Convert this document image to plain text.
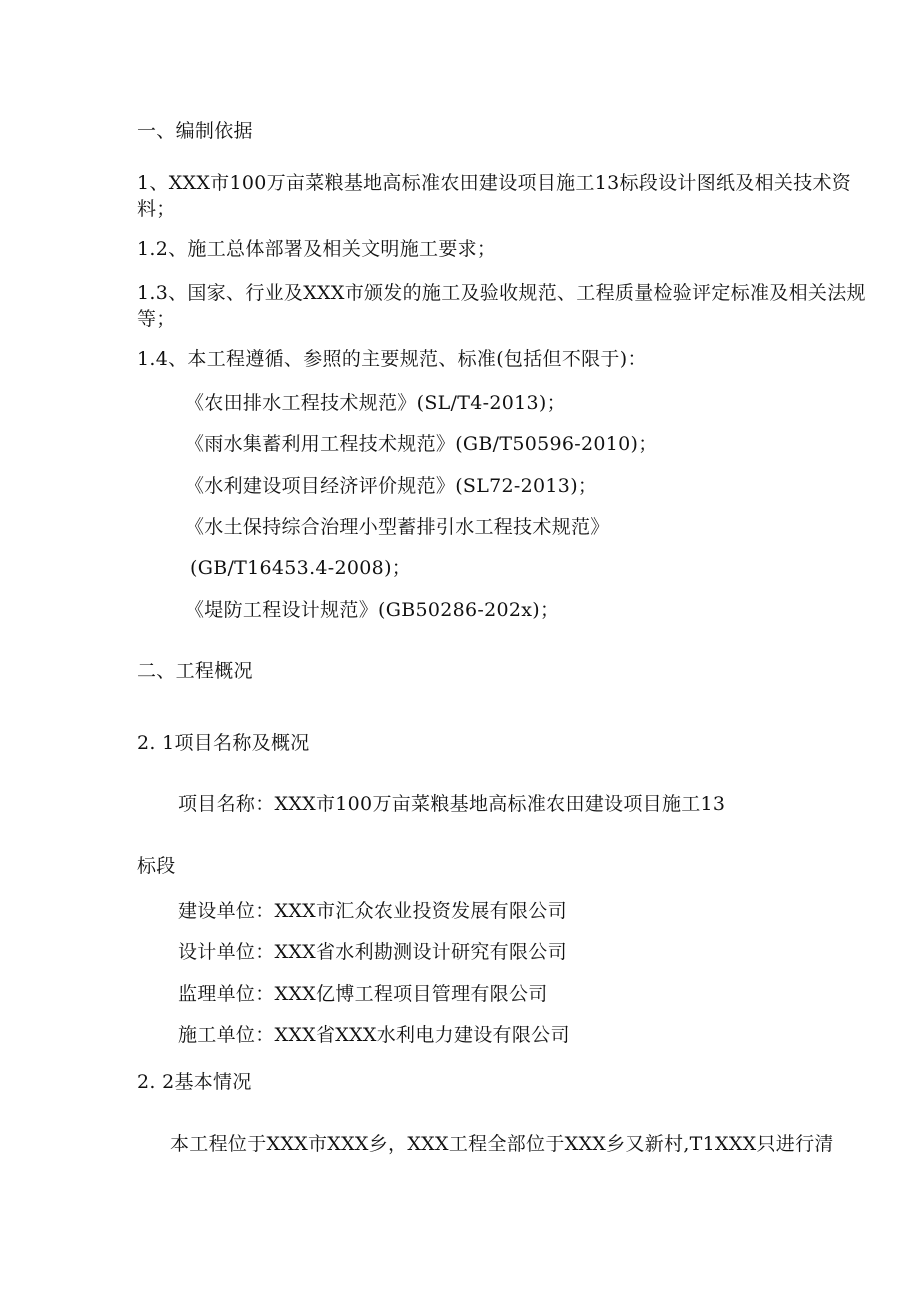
一、编制依据
1、XXX市100万亩菜粮基地高标准农田建设项目施工13标段设计图纸及相关技术资料；
1.2、施工总体部署及相关文明施工要求；
1.3、国家、行业及XXX市颁发的施工及验收规范、工程质量检验评定标准及相关法规等；
1.4、本工程遵循、参照的主要规范、标准(包括但不限于)：
《农田排水工程技术规范》(SL/T4-2013)；
《雨水集蓄利用工程技术规范》(GB/T50596-2010)；
《水利建设项目经济评价规范》(SL72-2013)；
《水土保持综合治理小型蓄排引水工程技术规范》
(GB/T16453.4-2008)；
《堤防工程设计规范》(GB50286-202x)；
二、工程概况
2. 1项目名称及概况
项目名称：XXX市100万亩菜粮基地高标准农田建设项目施工13
标段
建设单位：XXX市汇众农业投资发展有限公司
设计单位：XXX省水利勘测设计研究有限公司
监理单位：XXX亿博工程项目管理有限公司
施工单位：XXX省XXX水利电力建设有限公司
2. 2基本情况
本工程位于XXX市XXX乡，XXX工程全部位于XXX乡又新村,T1XXX只进行清
